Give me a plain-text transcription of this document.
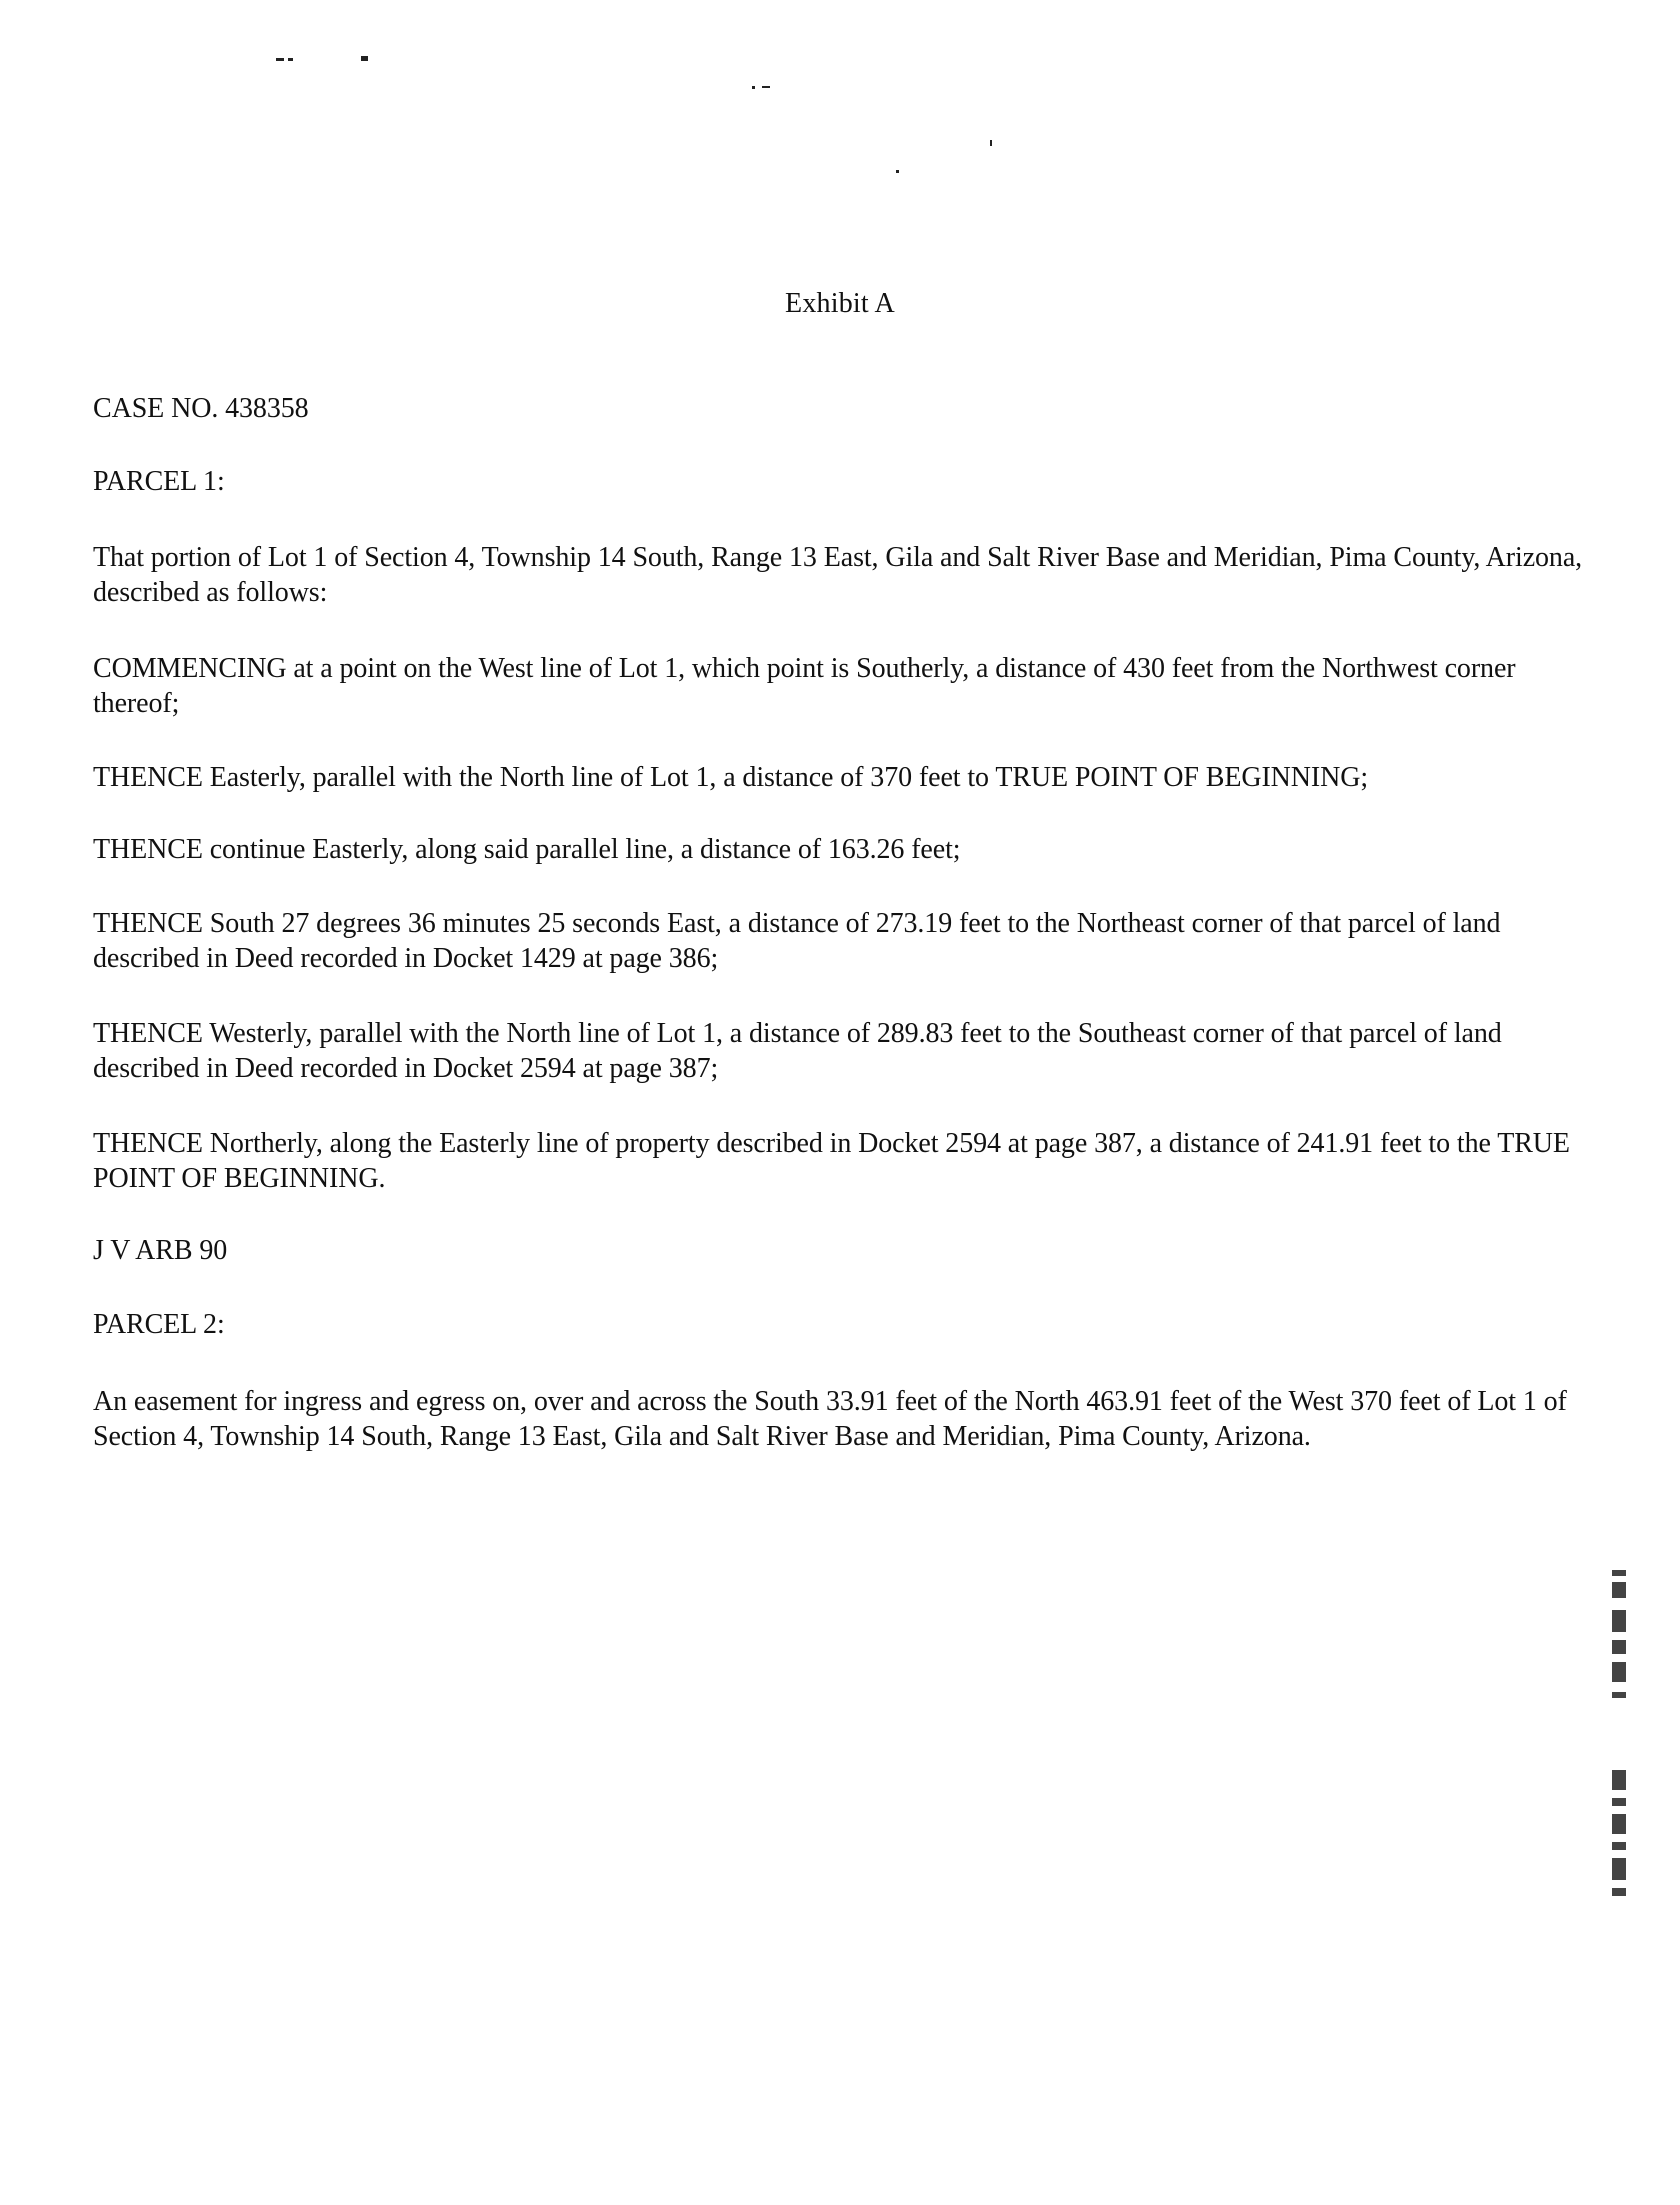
Exhibit A
CASE NO. 438358
PARCEL 1:
That portion of Lot 1 of Section 4, Township 14 South, Range 13 East, Gila and Salt River Base and Meridian, Pima County, Arizona, described as follows:
COMMENCING at a point on the West line of Lot 1, which point is Southerly, a distance of 430 feet from the Northwest corner thereof;
THENCE Easterly, parallel with the North line of Lot 1, a distance of 370 feet to TRUE POINT OF BEGINNING;
THENCE continue Easterly, along said parallel line, a distance of 163.26 feet;
THENCE South 27 degrees 36 minutes 25 seconds East, a distance of 273.19 feet to the Northeast corner of that parcel of land described in Deed recorded in Docket 1429 at page 386;
THENCE Westerly, parallel with the North line of Lot 1, a distance of 289.83 feet to the Southeast corner of that parcel of land described in Deed recorded in Docket 2594 at page 387;
THENCE Northerly, along the Easterly line of property described in Docket 2594 at page 387, a distance of 241.91 feet to the TRUE POINT OF BEGINNING.
J V ARB 90
PARCEL 2:
An easement for ingress and egress on, over and across the South 33.91 feet of the North 463.91 feet of the West 370 feet of Lot 1 of Section 4, Township 14 South, Range 13 East, Gila and Salt River Base and Meridian, Pima County, Arizona.
